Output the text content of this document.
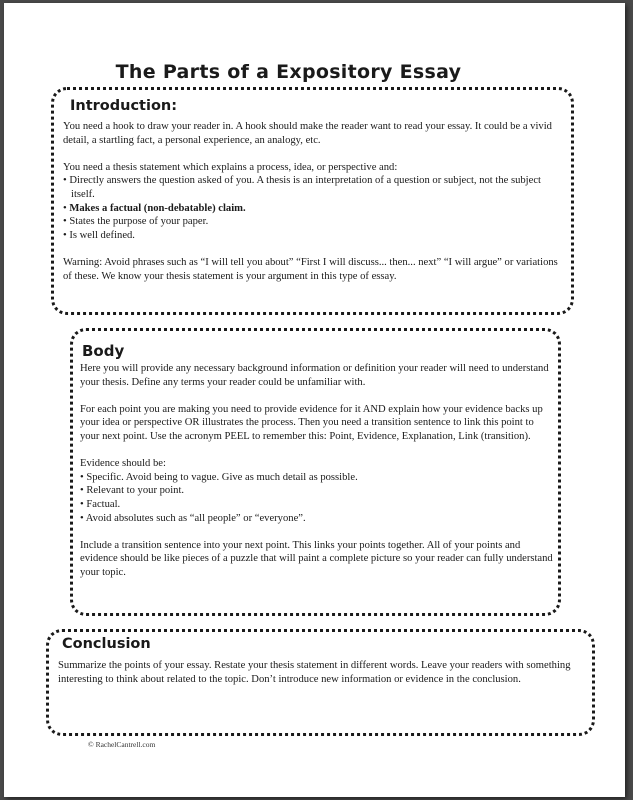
The Parts of a Expository Essay
Introduction:

You need a hook to draw your reader in. A hook should make the reader want to read your essay. It could be a vivid detail, a startling fact, a personal experience, an analogy, etc.

You need a thesis statement which explains a process, idea, or perspective and:

• Directly answers the question asked of you. A thesis is an interpretation of a question or subject, not the subject itself.

• Makes a factual (non-debatable) claim.

• States the purpose of your paper.

• Is well defined.

Warning: Avoid phrases such as “I will tell you about” “First I will discuss... then... next” “I will argue” or variations of these. We know your thesis statement is your argument in this type of essay.

Body

Here you will provide any necessary background information or definition your reader will need to understand your thesis. Define any terms your reader could be unfamiliar with.

For each point you are making you need to provide evidence for it AND explain how your evidence backs up your idea or perspective OR illustrates the process. Then you need a transition sentence to link this point to your next point. Use the acronym PEEL to remember this: Point, Evidence, Explanation, Link (transition).

Evidence should be:

• Specific. Avoid being to vague. Give as much detail as possible.

• Relevant to your point.

• Factual.

• Avoid absolutes such as “all people” or “everyone”.

Include a transition sentence into your next point. This links your points together. All of your points and evidence should be like pieces of a puzzle that will paint a complete picture so your reader can fully understand your topic.

Conclusion

Summarize the points of your essay. Restate your thesis statement in different words. Leave your readers with something interesting to think about related to the topic. Don’t introduce new information or evidence in the conclusion.

© RachelCantrell.com
